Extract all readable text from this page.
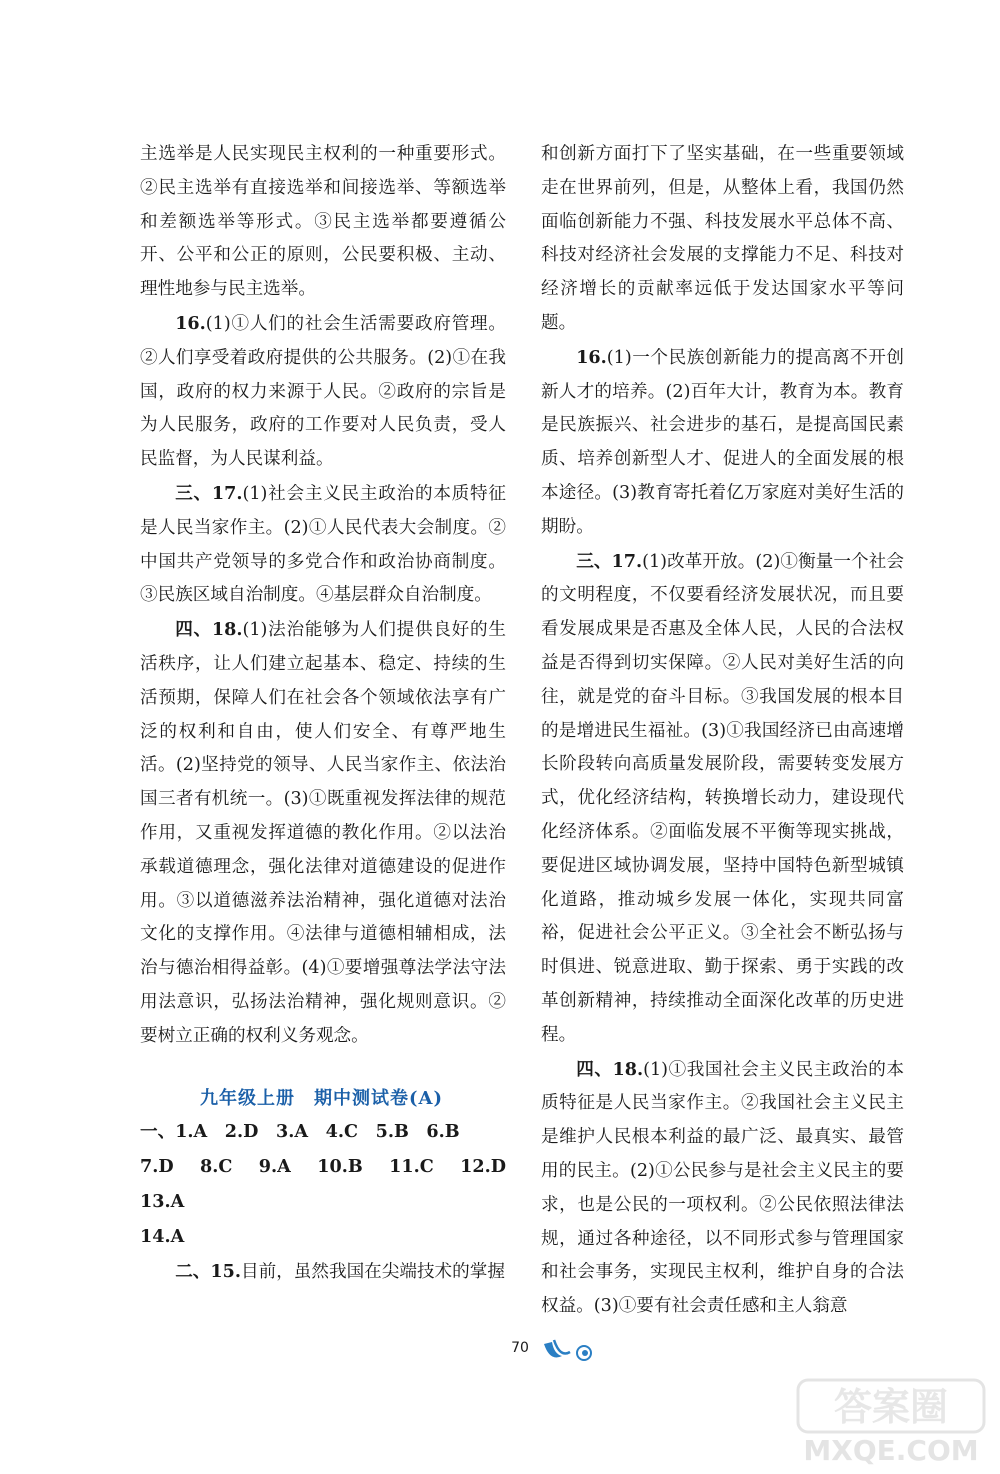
主选举是人民实现民主权利的一种重要形式。②民主选举有直接选举和间接选举、等额选举和差额选举等形式。③民主选举都要遵循公开、公平和公正的原则，公民要积极、主动、理性地参与民主选举。

16.(1)①人们的社会生活需要政府管理。②人们享受着政府提供的公共服务。(2)①在我国，政府的权力来源于人民。②政府的宗旨是为人民服务，政府的工作要对人民负责，受人民监督，为人民谋利益。

三、17.(1)社会主义民主政治的本质特征是人民当家作主。(2)①人民代表大会制度。②中国共产党领导的多党合作和政治协商制度。③民族区域自治制度。④基层群众自治制度。

四、18.(1)法治能够为人们提供良好的生活秩序，让人们建立起基本、稳定、持续的生活预期，保障人们在社会各个领域依法享有广泛的权利和自由，使人们安全、有尊严地生活。(2)坚持党的领导、人民当家作主、依法治国三者有机统一。(3)①既重视发挥法律的规范作用，又重视发挥道德的教化作用。②以法治承载道德理念，强化法律对道德建设的促进作用。③以道德滋养法治精神，强化道德对法治文化的支撑作用。④法律与道德相辅相成，法治与德治相得益彰。(4)①要增强尊法学法守法用法意识，弘扬法治精神，强化规则意识。②要树立正确的权利义务观念。

九年级上册　期中测试卷(A)

一、1.A　2.D　3.A　4.C　5.B　6.B

7.D　8.C　9.A　10.B　11.C　12.D　13.A

14.A

二、15.目前，虽然我国在尖端技术的掌握

和创新方面打下了坚实基础，在一些重要领域走在世界前列，但是，从整体上看，我国仍然面临创新能力不强、科技发展水平总体不高、科技对经济社会发展的支撑能力不足、科技对经济增长的贡献率远低于发达国家水平等问题。

16.(1)一个民族创新能力的提高离不开创新人才的培养。(2)百年大计，教育为本。教育是民族振兴、社会进步的基石，是提高国民素质、培养创新型人才、促进人的全面发展的根本途径。(3)教育寄托着亿万家庭对美好生活的期盼。

三、17.(1)改革开放。(2)①衡量一个社会的文明程度，不仅要看经济发展状况，而且要看发展成果是否惠及全体人民，人民的合法权益是否得到切实保障。②人民对美好生活的向往，就是党的奋斗目标。③我国发展的根本目的是增进民生福祉。(3)①我国经济已由高速增长阶段转向高质量发展阶段，需要转变发展方式，优化经济结构，转换增长动力，建设现代化经济体系。②面临发展不平衡等现实挑战，要促进区域协调发展，坚持中国特色新型城镇化道路，推动城乡发展一体化，实现共同富裕，促进社会公平正义。③全社会不断弘扬与时俱进、锐意进取、勤于探索、勇于实践的改革创新精神，持续推动全面深化改革的历史进程。

四、18.(1)①我国社会主义民主政治的本质特征是人民当家作主。②我国社会主义民主是维护人民根本利益的最广泛、最真实、最管用的民主。(2)①公民参与是社会主义民主的要求，也是公民的一项权利。②公民依照法律法规，通过各种途径，以不同形式参与管理国家和社会事务，实现民主权利，维护自身的合法权益。(3)①要有社会责任感和主人翁意

70
答案圈
MXQE.COM
